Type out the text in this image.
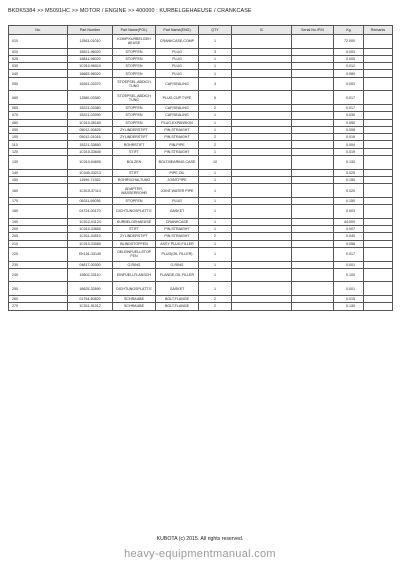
BKDK5384 >> M5091HC >> MOTOR / ENGINE >> 400000 : KURBELGEHAEUSE / CRANKCASE
No.	Part Number	Part Name(POL)	Part Name(ENG)	QTY	IC	Serial No./P/N	Kg	Remarks
010	1J563-01010	KOMP.KURBELGEH AEUSE	CRANKCASE,COMP	1			72.000	
020	15521-96020	STOPFEN	PLUG	3			0.003	
025	15841-96020	STOPFEN	PLUG	1			0.005	
030	1C010-96010	STOPFEN	PLUG	1			0.012	
040	16683-96020	STOPFEN	PLUG	1			0.089	
050	15261-03370	STOEPSEL,ABDICH TUNG	CAP,SEALING	4			0.003	
060	1J580-03380	STOEPSEL,ABDICH TUNG	PLUG,CUP TYPE	6			0.017	
065	15221-03380	STOPFEN	CAP,SEALING	2			0.017	
070	15221-03390	STOPFEN	CAP,SEALING	1			0.030	
080	1C010-36160	STOPFEN	PLUG,EXPANSION	1			0.050	
090	05012-00825	ZYLINDERSTIFT	PIN,STRAIGHT	1			0.008	
100	05012-01016	ZYLINDERSTIFT	PIN,STRAIGHT	2			0.016	
110	15221-33850	ROHRSTIFT	PIN,PIPE	2			0.004	
120	1C010-33640	STIFT	PIN,STRAIGHT	1			0.019	
130	1C010-04690	BOLZEN	BOLT,BEARING CASE	10			0.130	
140	1C040-33213	STIFT	PIPE,OIL	1			0.025	
150	1J590-71352	ROHRSCHALTUNG	JOINT,PIPE	1			0.150	
160	1C010-37114	ADAPTER, WASSERROHR	JOINT,WATER PIPE	1			0.020	
170	06311-59036	STOPFEN	PLUG	1			0.150	
180	04724-00170	DICHTUNGSPLATT E	GASKET	1			0.003	
190	1C012-01124	KURBELGEHAEUSE	CRANKCASE	1			44.000	
200	1C010-33650	STIFT	PIN,STRAIGHT	1			0.007	
205	1C011-04510	ZYLINDERSTIFT	PIN,STRAIGHT	2			0.040	
210	1C010-33080	BLINDSTOPFEN	ASSY PLUG,FILLER	1			0.058	
220	EK151-33140	OELEINFUELLSTOP FEN	PLUG(OIL FILLER)	1			0.017	
230	04817-00300	O-RING	O-RING	1			0.001	
240	15602-33110	EINFUELLFLANSCH	FLANGE,OIL FILLER	1			0.100	
250	16625-32690	DICHTUNGSPLATT E	GASKET	1			0.001	
260	01754-50820	SCHRAUBE	BOLT,FLANGE	2			0.015	
270	1C011-91012	SCHRAUBE	BOLT,FLANGE	2			0.130	
KUBOTA (c) 2015. All rights reserved.
heavy-equipmentmanual.com
